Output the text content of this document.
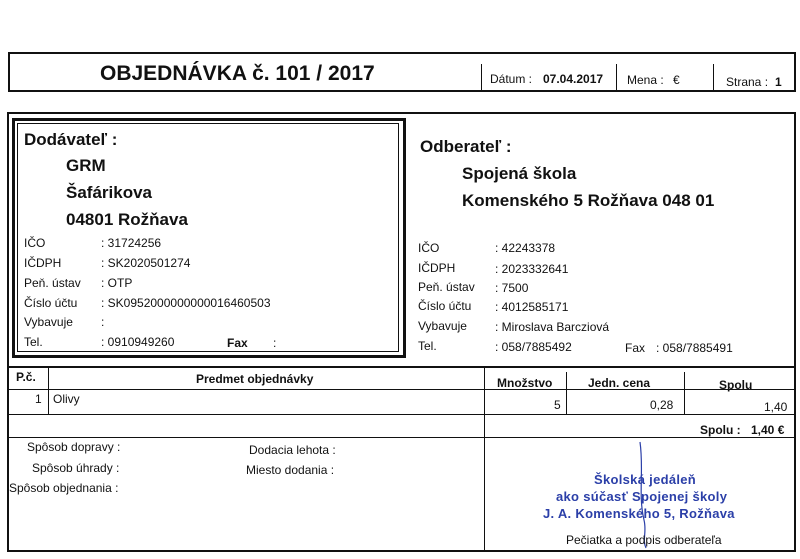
OBJEDNÁVKA č. 101 / 2017	Dátum : 07.04.2017 Mena : €	Strana : 1
Dodávateľ :
GRM
Šafárikova
04801 Rožňava
IČO	: 31724256
IČDPH	: SK2020501274
Peň. ústav : OTP
Číslo účtu : SK0952000000000016460503
Vybavuje :
Tel.	: 0910949260	Fax :
Odberateľ :
Spojená škola
Komenského 5 Rožňava 048 01
IČO	: 42243378
IČDPH	: 2023332641
Peň. ústav : 7500
Číslo účtu : 4012585171
Vybavuje : Miroslava Barcziová
Tel.	: 058/7885492	Fax : 058/7885491
P.č.	Predmet objednávky	Množstvo	Jedn. cena	Spolu
1 Olivy	5	0,28	1,40
Spolu : 1,40 €
Spôsob dopravy :
Spôsob úhrady :
Spôsob objednania :
Dodacia lehota :
Miesto dodania :
Školská jedáleň
ako súčasť Spojenej školy
J. A. Komenského 5, Rožňava
Pečiatka a podpis odberateľa
